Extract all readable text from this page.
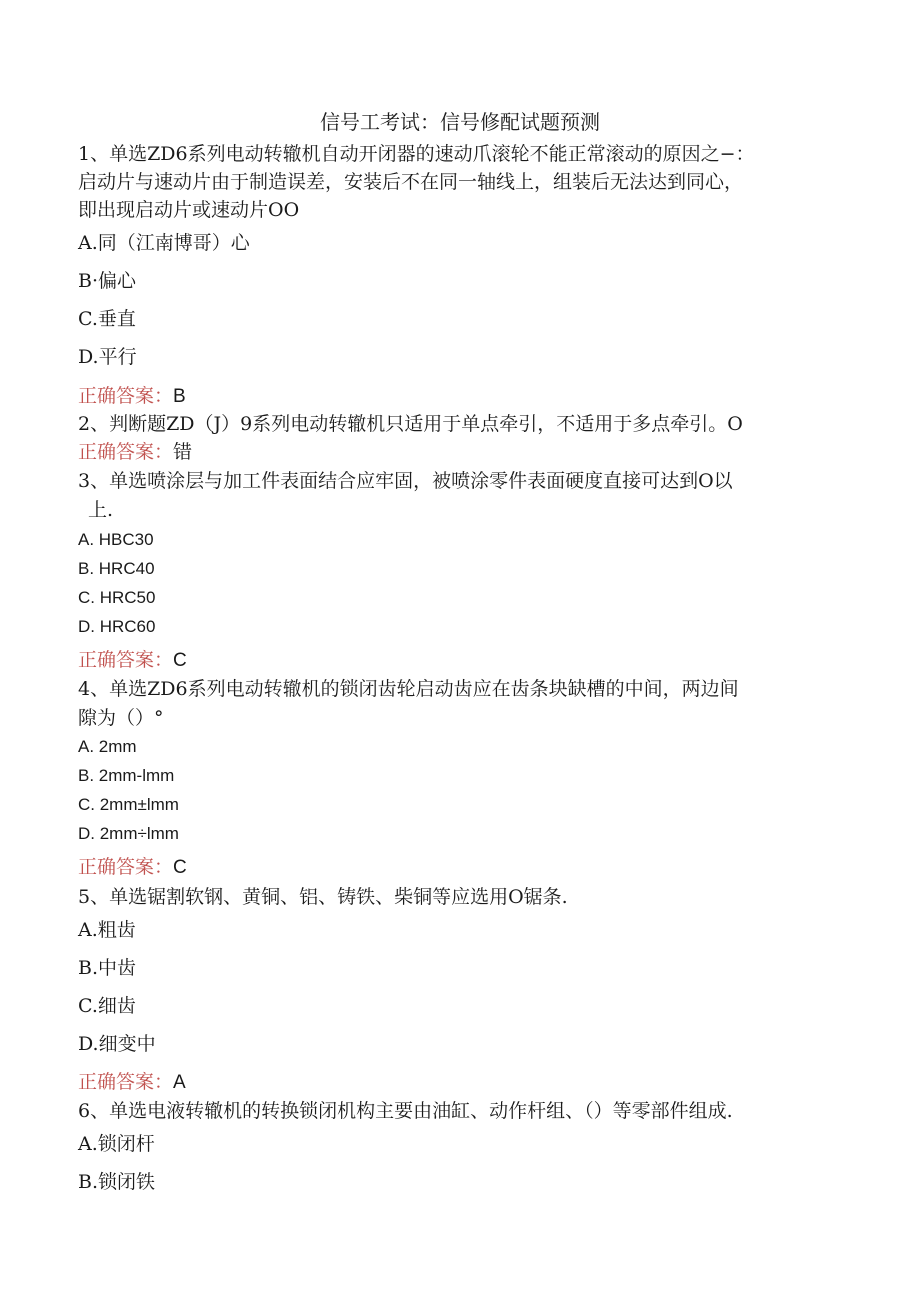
信号工考试：信号修配试题预测
1、单选ZD6系列电动转辙机自动开闭器的速动爪滚轮不能正常滚动的原因之−：
启动片与速动片由于制造误差，安装后不在同一轴线上，组装后无法达到同心，
即出现启动片或速动片OO
A.同（江南博哥）心
B·偏心
C.垂直
D.平行
正确答案：B
2、判断题ZD（J）9系列电动转辙机只适用于单点牵引，不适用于多点牵引。O
正确答案：错
3、单选喷涂层与加工件表面结合应牢固，被喷涂零件表面硬度直接可达到O以
上.
A. HBC30
B. HRC40
C. HRC50
D. HRC60
正确答案：C
4、单选ZD6系列电动转辙机的锁闭齿轮启动齿应在齿条块缺槽的中间，两边间
隙为（）°
A. 2mm
B. 2mm-lmm
C. 2mm±lmm
D. 2mm÷lmm
正确答案：C
5、单选锯割软钢、黄铜、铝、铸铁、柴铜等应选用O锯条.
A.粗齿
B.中齿
C.细齿
D.细变中
正确答案：A
6、单选电液转辙机的转换锁闭机构主要由油缸、动作杆组、（）等零部件组成.
A.锁闭杆
B.锁闭铁
